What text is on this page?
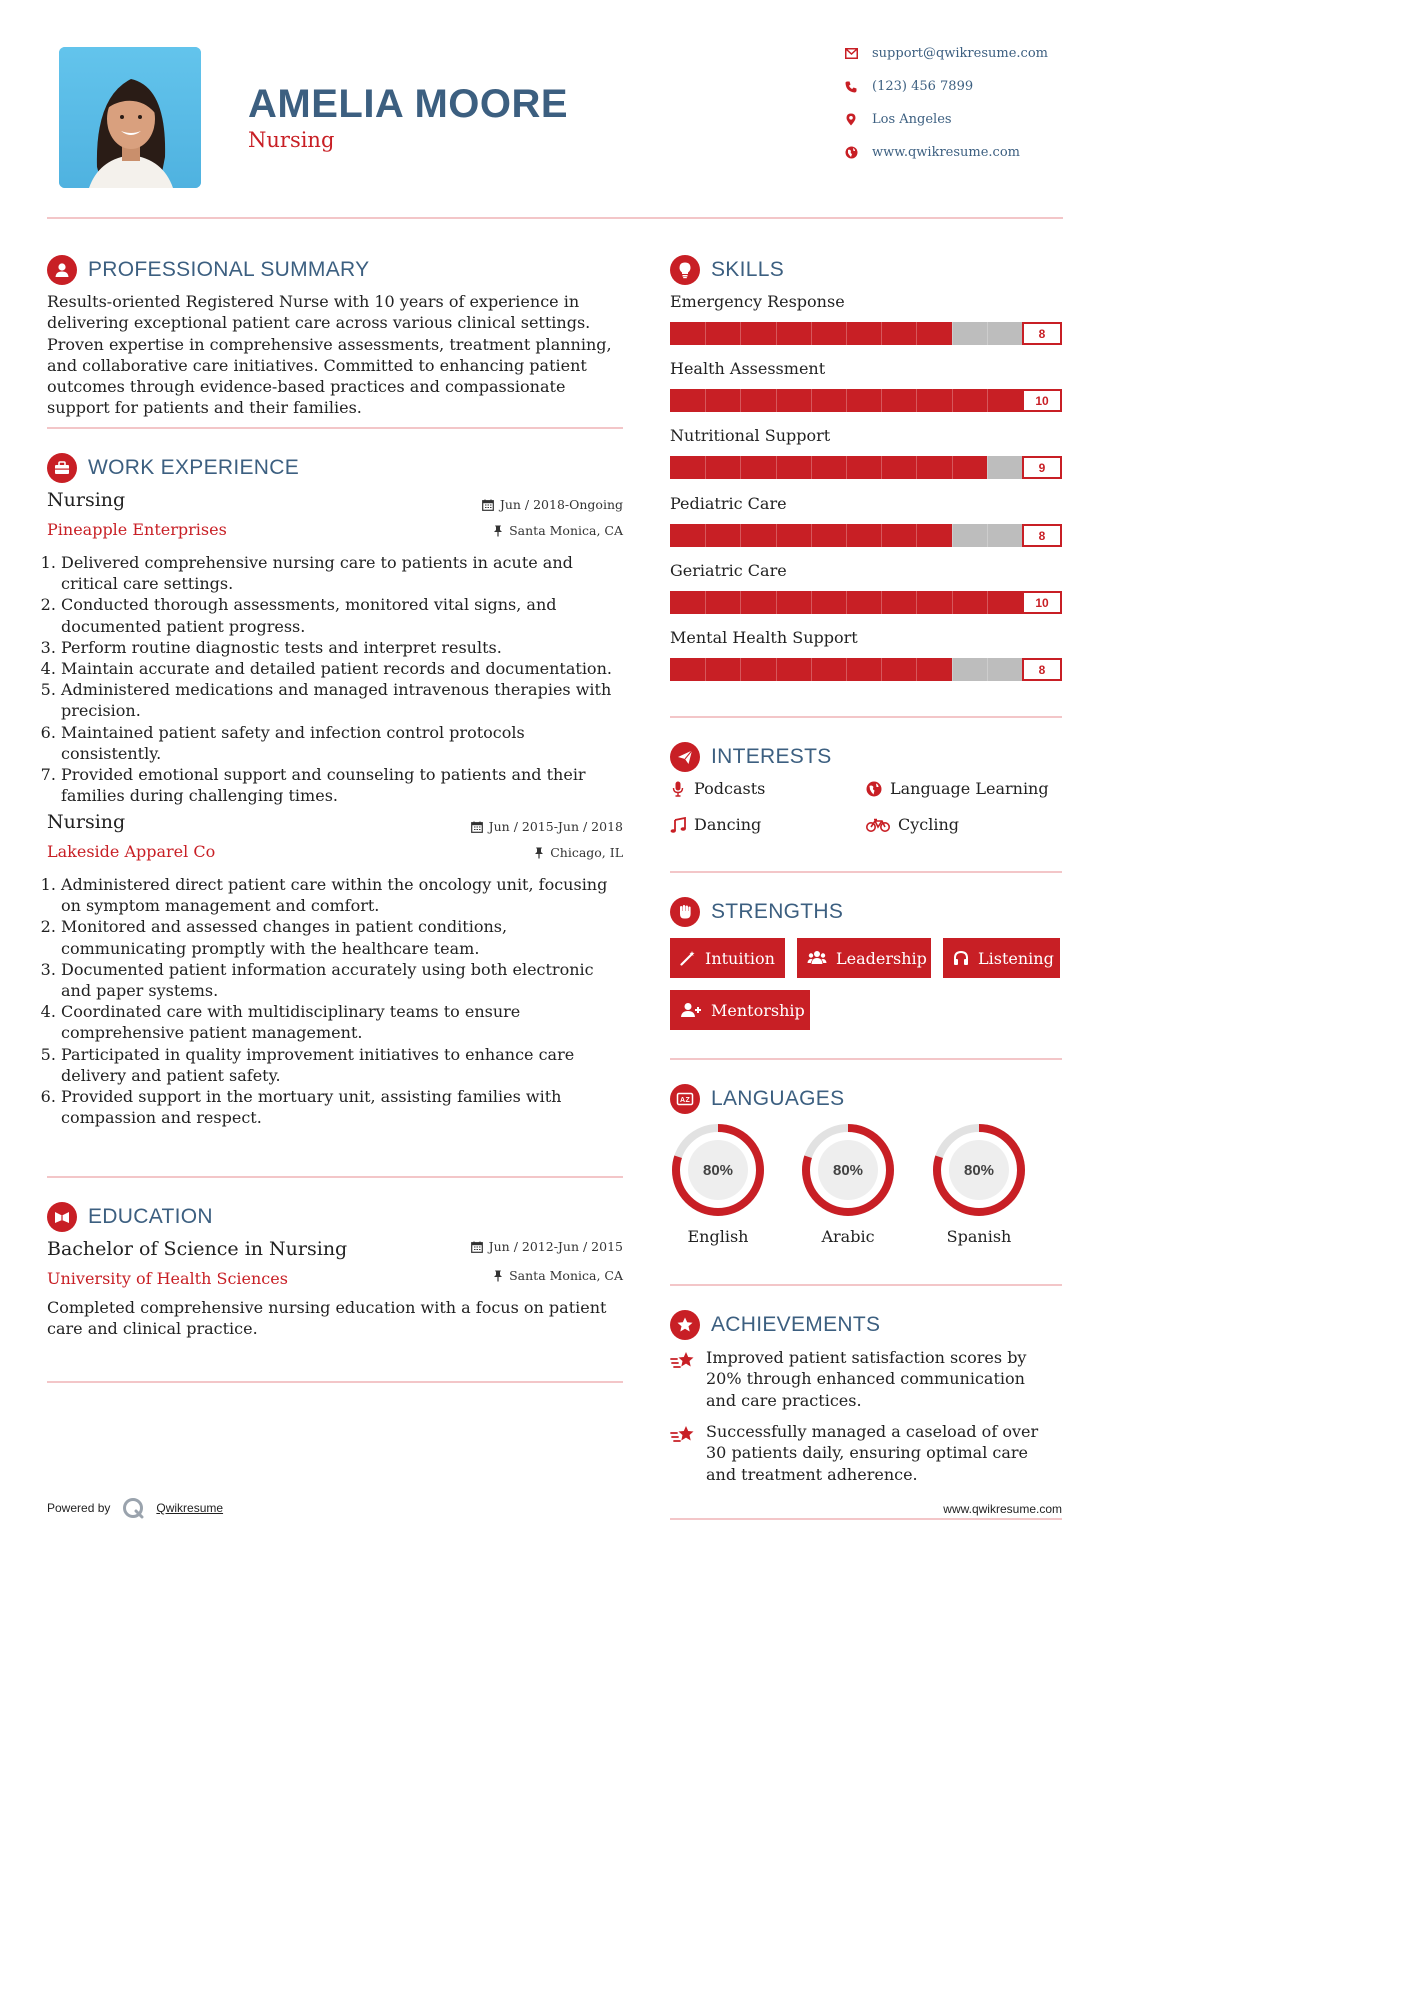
AMELIA MOORE
Nursing
support@qwikresume.com
(123) 456 7899
Los Angeles
www.qwikresume.com
PROFESSIONAL SUMMARY
Results-oriented Registered Nurse with 10 years of experience in delivering exceptional patient care across various clinical settings. Proven expertise in comprehensive assessments, treatment planning, and collaborative care initiatives. Committed to enhancing patient outcomes through evidence-based practices and compassionate support for patients and their families.
WORK EXPERIENCE
Nursing	Jun / 2018-Ongoing
Pineapple Enterprises	Santa Monica, CA
1. Delivered comprehensive nursing care to patients in acute and critical care settings.
2. Conducted thorough assessments, monitored vital signs, and documented patient progress.
3. Perform routine diagnostic tests and interpret results.
4. Maintain accurate and detailed patient records and documentation.
5. Administered medications and managed intravenous therapies with precision.
6. Maintained patient safety and infection control protocols consistently.
7. Provided emotional support and counseling to patients and their families during challenging times.
Nursing	Jun / 2015-Jun / 2018
Lakeside Apparel Co	Chicago, IL
1. Administered direct patient care within the oncology unit, focusing on symptom management and comfort.
2. Monitored and assessed changes in patient conditions, communicating promptly with the healthcare team.
3. Documented patient information accurately using both electronic and paper systems.
4. Coordinated care with multidisciplinary teams to ensure comprehensive patient management.
5. Participated in quality improvement initiatives to enhance care delivery and patient safety.
6. Provided support in the mortuary unit, assisting families with compassion and respect.
EDUCATION
Bachelor of Science in Nursing	Jun / 2012-Jun / 2015
University of Health Sciences	Santa Monica, CA
Completed comprehensive nursing education with a focus on patient care and clinical practice.
SKILLS
Emergency Response
8
Health Assessment
10
Nutritional Support
9
Pediatric Care
8
Geriatric Care
10
Mental Health Support
8
INTERESTS
Podcasts	Language Learning
Dancing	Cycling
STRENGTHS
Intuition	Leadership	Listening
Mentorship
A Z LANGUAGES
80%
English
80%
Arabic
80%
Spanish
ACHIEVEMENTS
Improved patient satisfaction scores by 20% through enhanced communication and care practices.
Successfully managed a caseload of over 30 patients daily, ensuring optimal care and treatment adherence.
Powered by	Qwikresume	www.qwikresume.com
